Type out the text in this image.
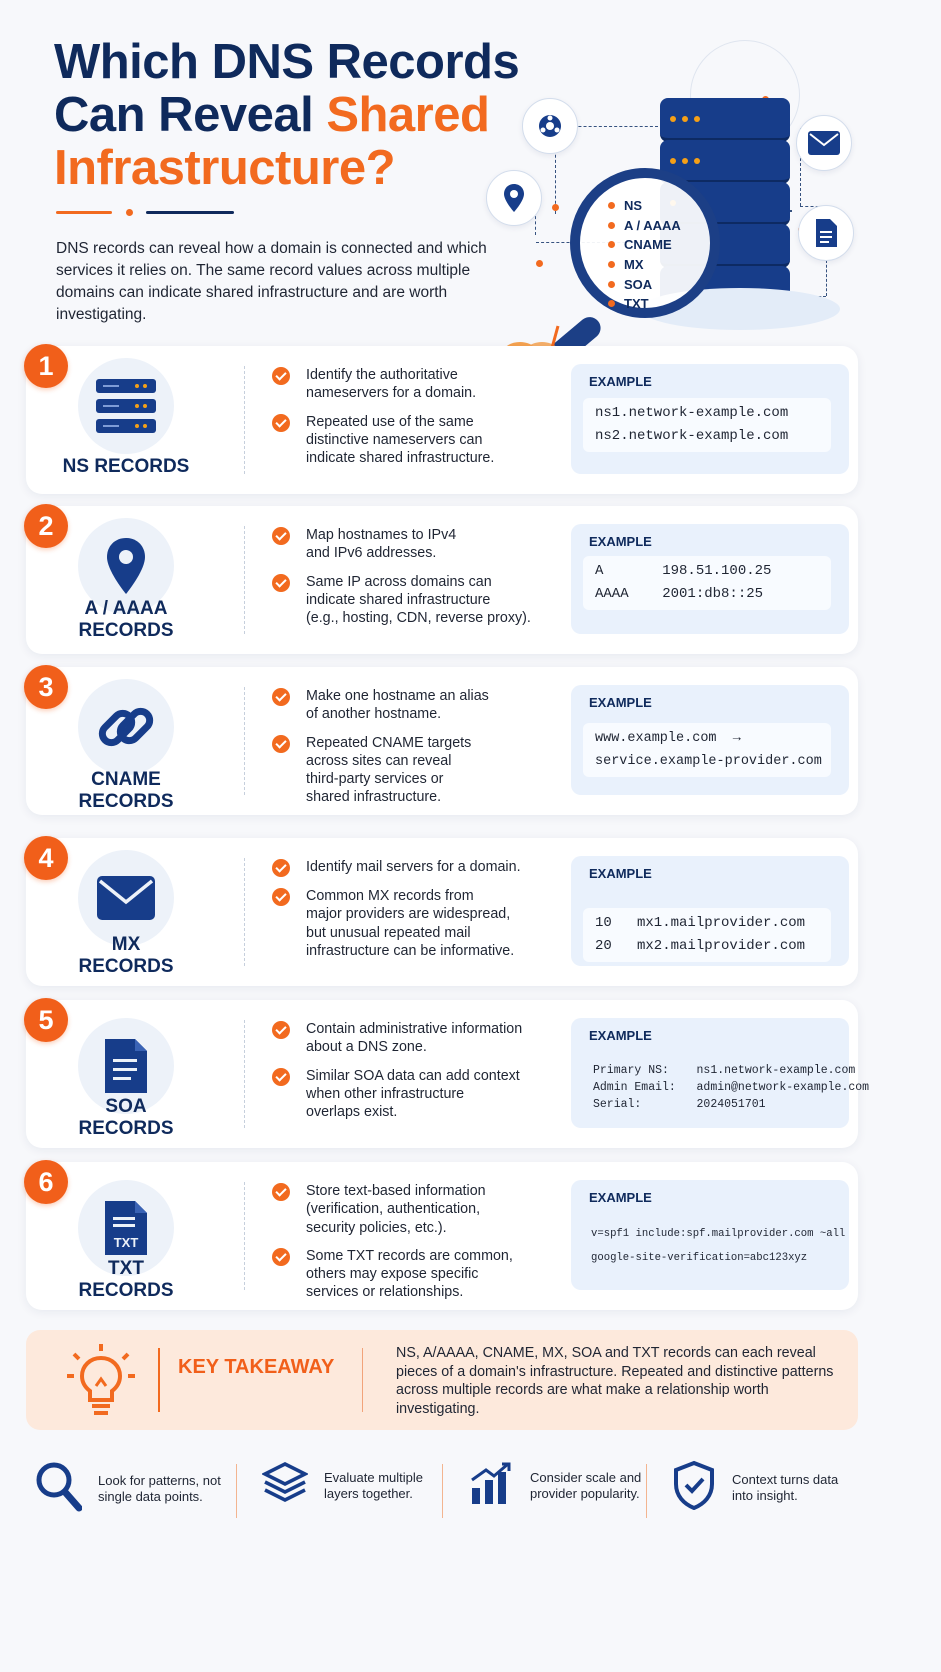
Which DNS Records
Can Reveal Shared
Infrastructure?

DNS records can reveal how a domain is connected and which services it relies on. The same record values across multiple domains can indicate shared infrastructure and are worth investigating.

NS
A / AAAA
CNAME
MX
SOA
TXT
1
NS RECORDS
Identify the authoritative
nameservers for a domain.
Repeated use of the same
distinctive nameservers can
indicate shared infrastructure.
EXAMPLE
ns1.network-example.com
ns2.network-example.com
2
A / AAAA
RECORDS
Map hostnames to IPv4
and IPv6 addresses.
Same IP across domains can
indicate shared infrastructure
(e.g., hosting, CDN, reverse proxy).
EXAMPLE
A       198.51.100.25
AAAA    2001:db8::25
3
CNAME
RECORDS
Make one hostname an alias
of another hostname.
Repeated CNAME targets
across sites can reveal
third-party services or
shared infrastructure.
EXAMPLE
www.example.com  →
service.example-provider.com
4
MX
RECORDS
Identify mail servers for a domain.
Common MX records from
major providers are widespread,
but unusual repeated mail
infrastructure can be informative.
EXAMPLE
10   mx1.mailprovider.com
20   mx2.mailprovider.com
5
SOA
RECORDS
Contain administrative information
about a DNS zone.
Similar SOA data can add context
when other infrastructure
overlaps exist.
EXAMPLE
Primary NS:    ns1.network-example.com
Admin Email:   admin@network-example.com
Serial:        2024051701
6
TXT
TXT
RECORDS
Store text-based information
(verification, authentication,
security policies, etc.).
Some TXT records are common,
others may expose specific
services or relationships.
EXAMPLE
v=spf1 include:spf.mailprovider.com ~all
google-site-verification=abc123xyz
KEY TAKEAWAY

NS, A/AAAA, CNAME, MX, SOA and TXT records can each reveal pieces of a domain's infrastructure. Repeated and distinctive patterns across multiple records are what make a relationship worth investigating.

Look for patterns, not single data points.
Evaluate multiple layers together.
Consider scale and provider popularity.
Context turns data into insight.
